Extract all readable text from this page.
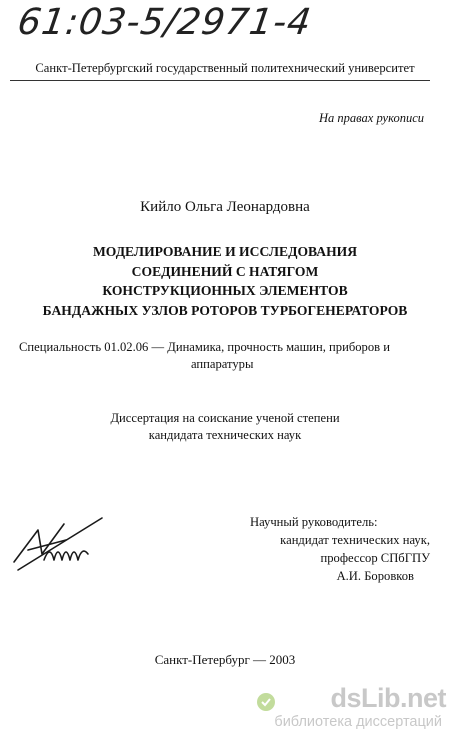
61:03-5/2971-4
Санкт-Петербургский государственный политехнический университет
На правах рукописи
Кийло Ольга Леонардовна
МОДЕЛИРОВАНИЕ И ИССЛЕДОВАНИЯ
СОЕДИНЕНИЙ С НАТЯГОМ
КОНСТРУКЦИОННЫХ ЭЛЕМЕНТОВ
БАНДАЖНЫХ УЗЛОВ РОТОРОВ ТУРБОГЕНЕРАТОРОВ
Специальность 01.02.06 — Динамика, прочность машин, приборов и
аппаратуры
Диссертация на соискание ученой степени
кандидата технических наук
Научный руководитель:
кандидат технических наук,
профессор СПбГПУ
А.И. Боровков
Санкт-Петербург — 2003
dsLib.net
библиотека диссертаций
